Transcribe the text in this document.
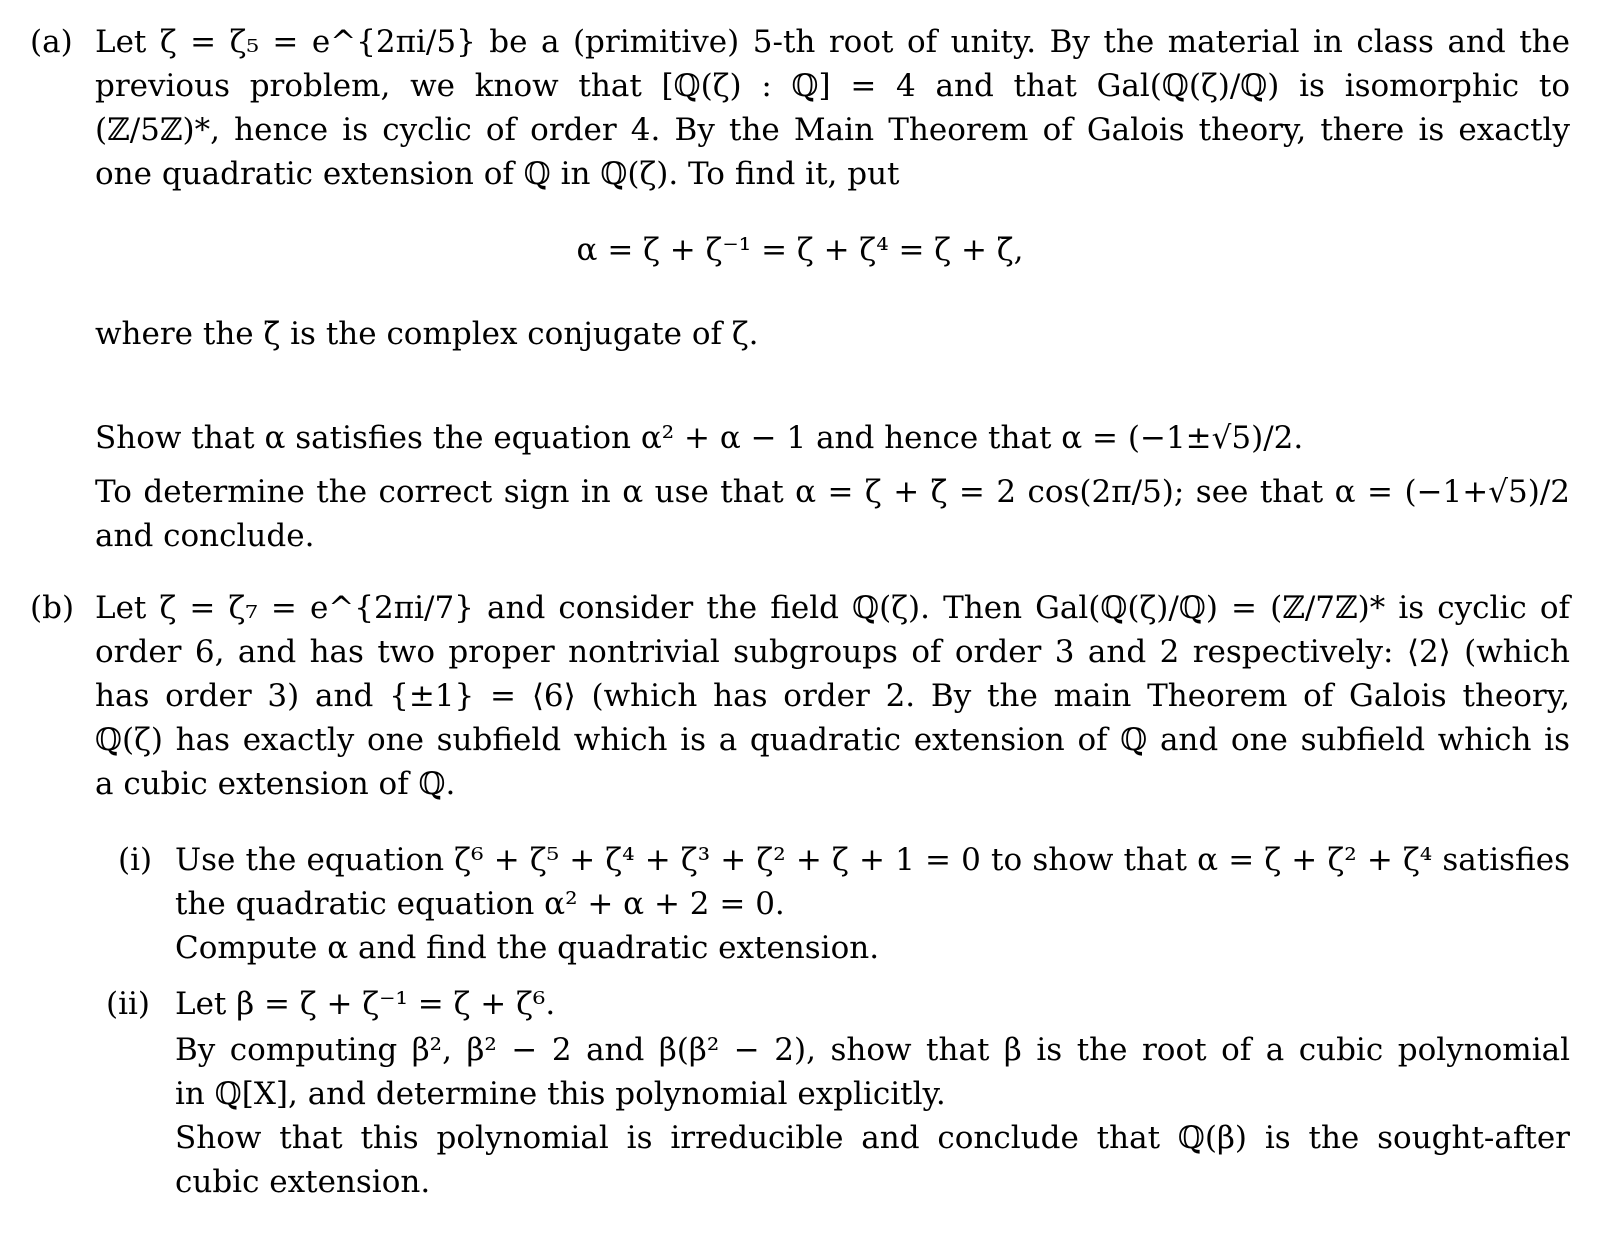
(a) Let ζ = ζ₅ = e^{2πi/5} be a (primitive) 5-th root of unity. By the material in class and the
previous problem, we know that [ℚ(ζ) : ℚ] = 4 and that Gal(ℚ(ζ)/ℚ) is isomorphic to
(ℤ/5ℤ)*, hence is cyclic of order 4. By the Main Theorem of Galois theory, there is exactly
one quadratic extension of ℚ in ℚ(ζ). To find it, put
α = ζ + ζ⁻¹ = ζ + ζ⁴ = ζ + ζ̄,
where the ζ̄ is the complex conjugate of ζ.
Show that α satisfies the equation α² + α − 1 and hence that α = (−1±√5)/2.
To determine the correct sign in α use that α = ζ + ζ̄ = 2 cos(2π/5); see that α = (−1+√5)/2
and conclude.
(b) Let ζ = ζ₇ = e^{2πi/7} and consider the field ℚ(ζ). Then Gal(ℚ(ζ)/ℚ) = (ℤ/7ℤ)* is cyclic of
order 6, and has two proper nontrivial subgroups of order 3 and 2 respectively: ⟨2⟩ (which
has order 3) and {±1} = ⟨6⟩ (which has order 2. By the main Theorem of Galois theory,
ℚ(ζ) has exactly one subfield which is a quadratic extension of ℚ and one subfield which is
a cubic extension of ℚ.
(i) Use the equation ζ⁶ + ζ⁵ + ζ⁴ + ζ³ + ζ² + ζ + 1 = 0 to show that α = ζ + ζ² + ζ⁴ satisfies
the quadratic equation α² + α + 2 = 0.
Compute α and find the quadratic extension.
(ii) Let β = ζ + ζ⁻¹ = ζ + ζ⁶.
By computing β², β² − 2 and β(β² − 2), show that β is the root of a cubic polynomial
in ℚ[X], and determine this polynomial explicitly.
Show that this polynomial is irreducible and conclude that ℚ(β) is the sought-after
cubic extension.
